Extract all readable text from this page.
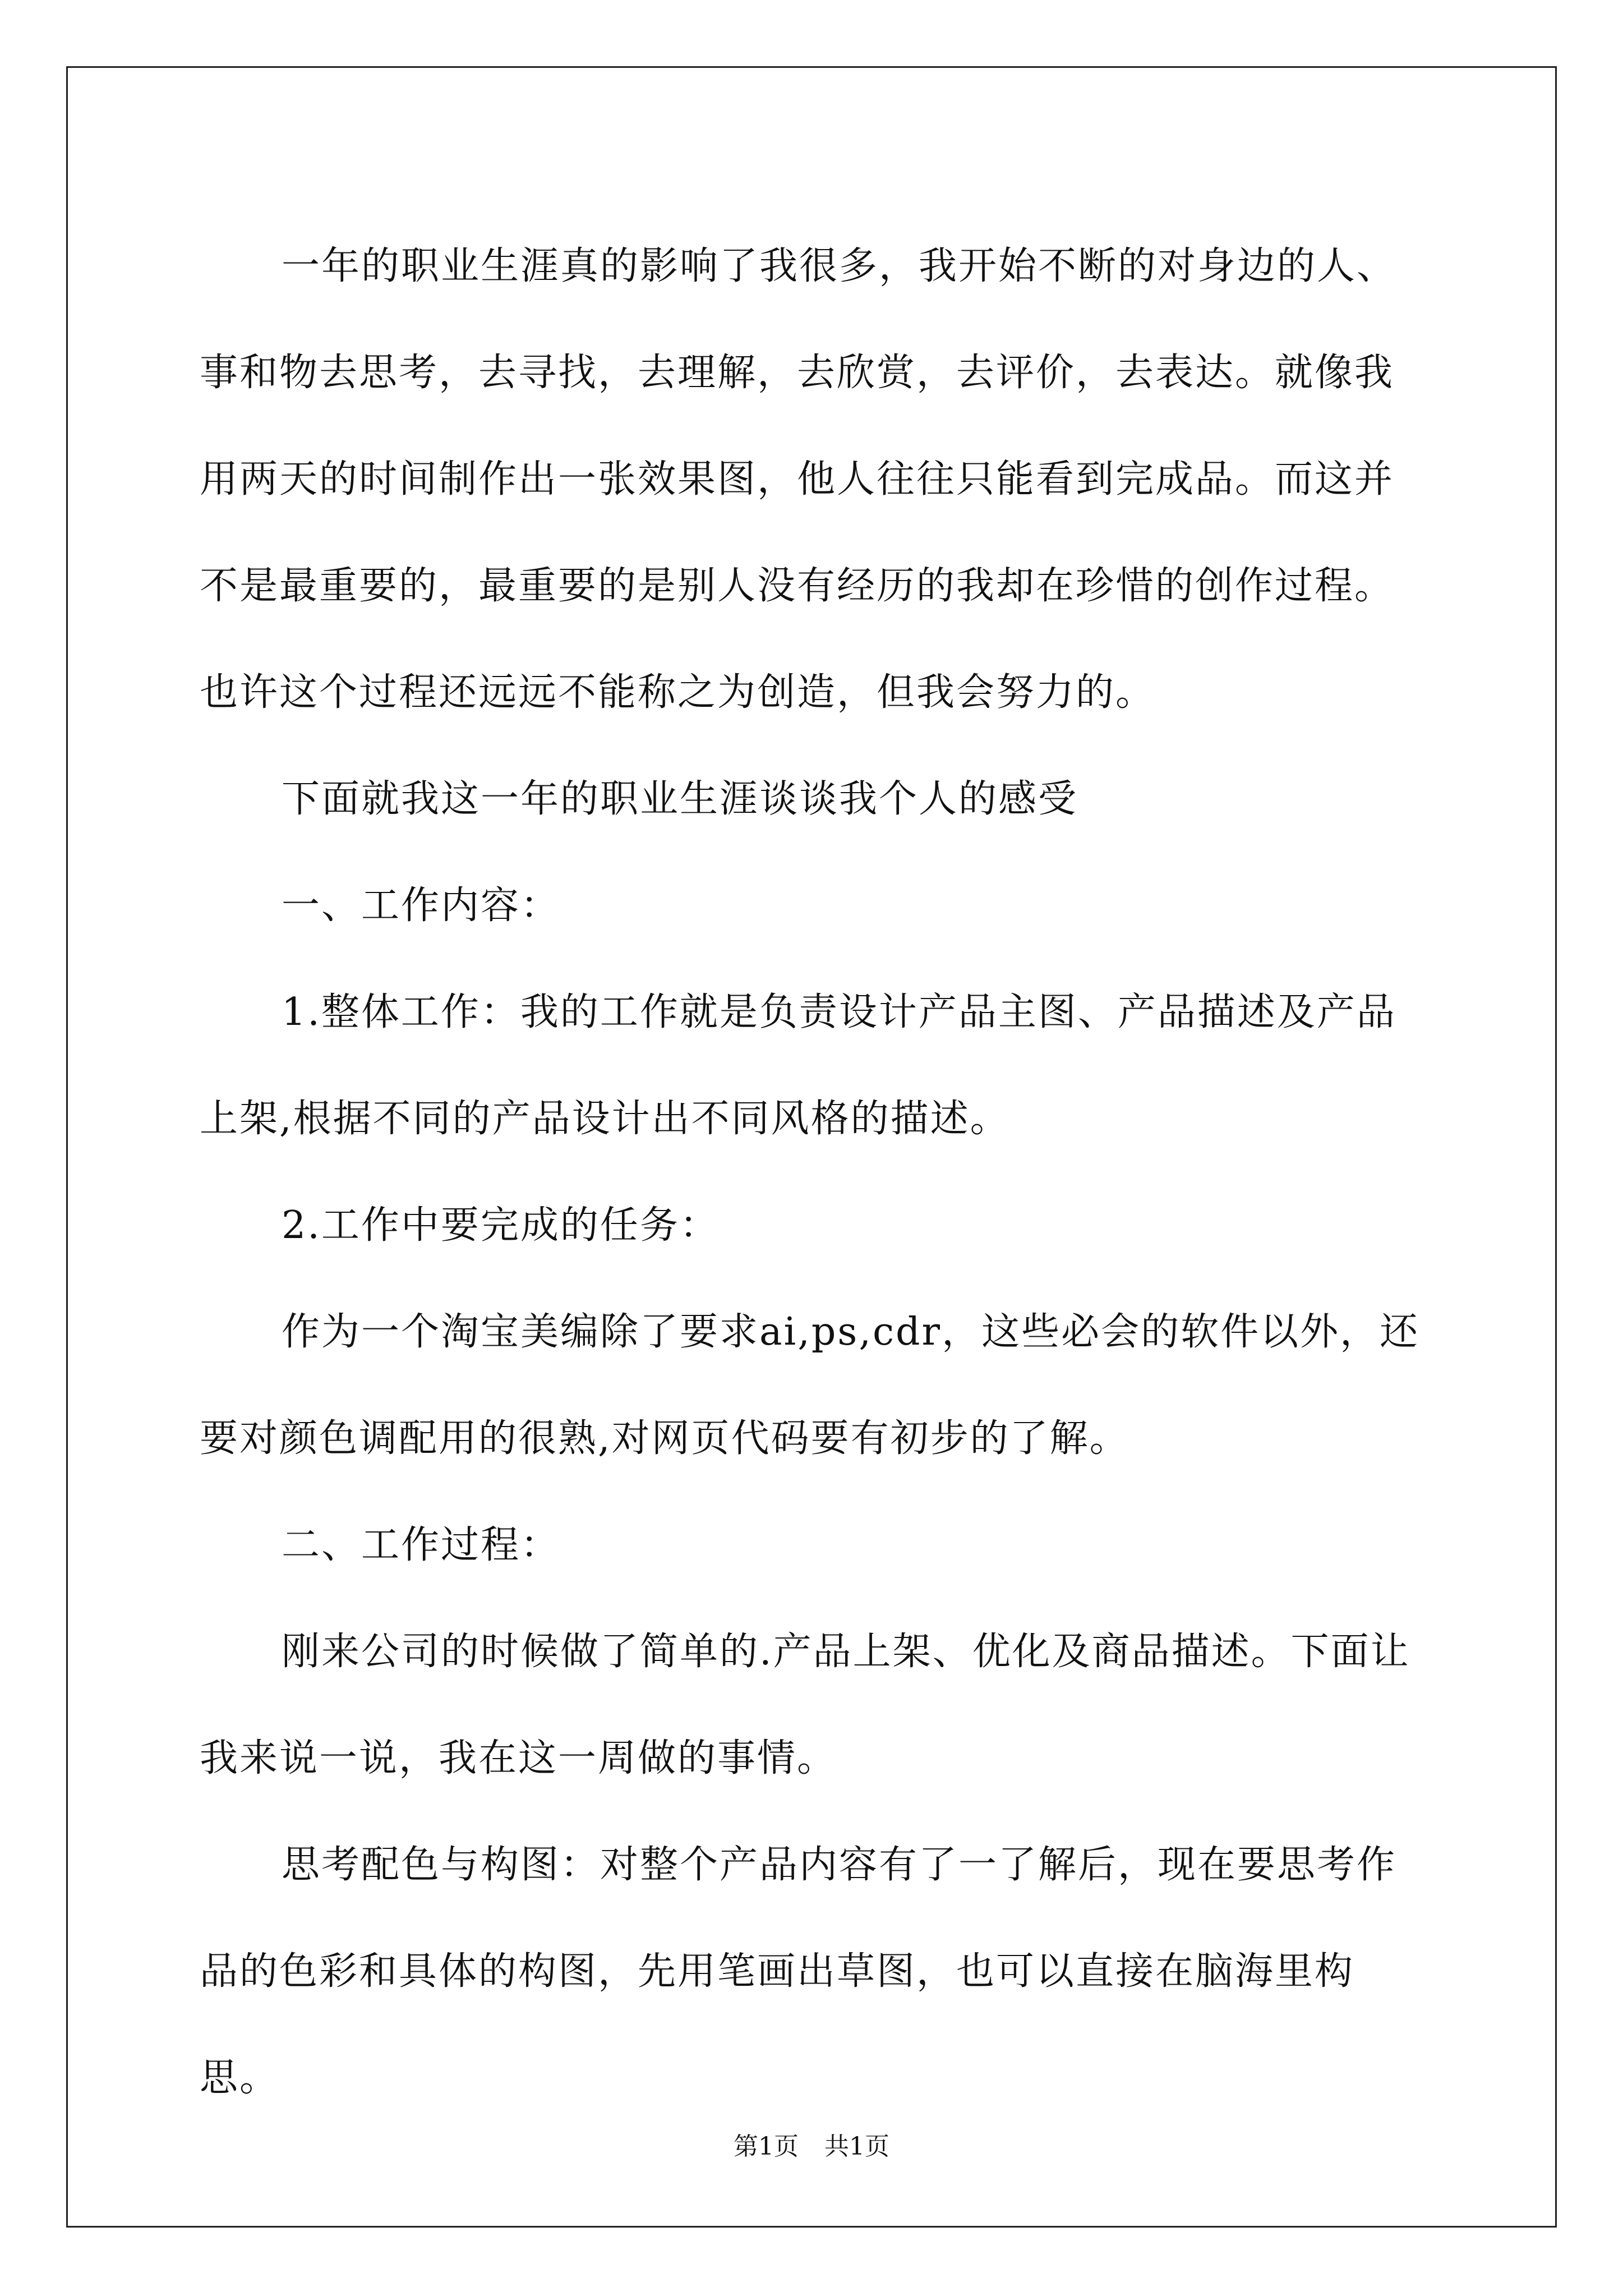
一年的职业生涯真的影响了我很多，我开始不断的对身边的人、事和物去思考，去寻找，去理解，去欣赏，去评价，去表达。就像我用两天的时间制作出一张效果图，他人往往只能看到完成品。而这并不是最重要的，最重要的是别人没有经历的我却在珍惜的创作过程。也许这个过程还远远不能称之为创造，但我会努力的。

下面就我这一年的职业生涯谈谈我个人的感受

一、工作内容：

1.整体工作：我的工作就是负责设计产品主图、产品描述及产品上架,根据不同的产品设计出不同风格的描述。

2.工作中要完成的任务：

作为一个淘宝美编除了要求ai,ps,cdr，这些必会的软件以外，还要对颜色调配用的很熟,对网页代码要有初步的了解。

二、工作过程：

刚来公司的时候做了简单的.产品上架、优化及商品描述。下面让我来说一说，我在这一周做的事情。

思考配色与构图：对整个产品内容有了一了解后，现在要思考作品的色彩和具体的构图，先用笔画出草图，也可以直接在脑海里构思。

第1页 共1页
